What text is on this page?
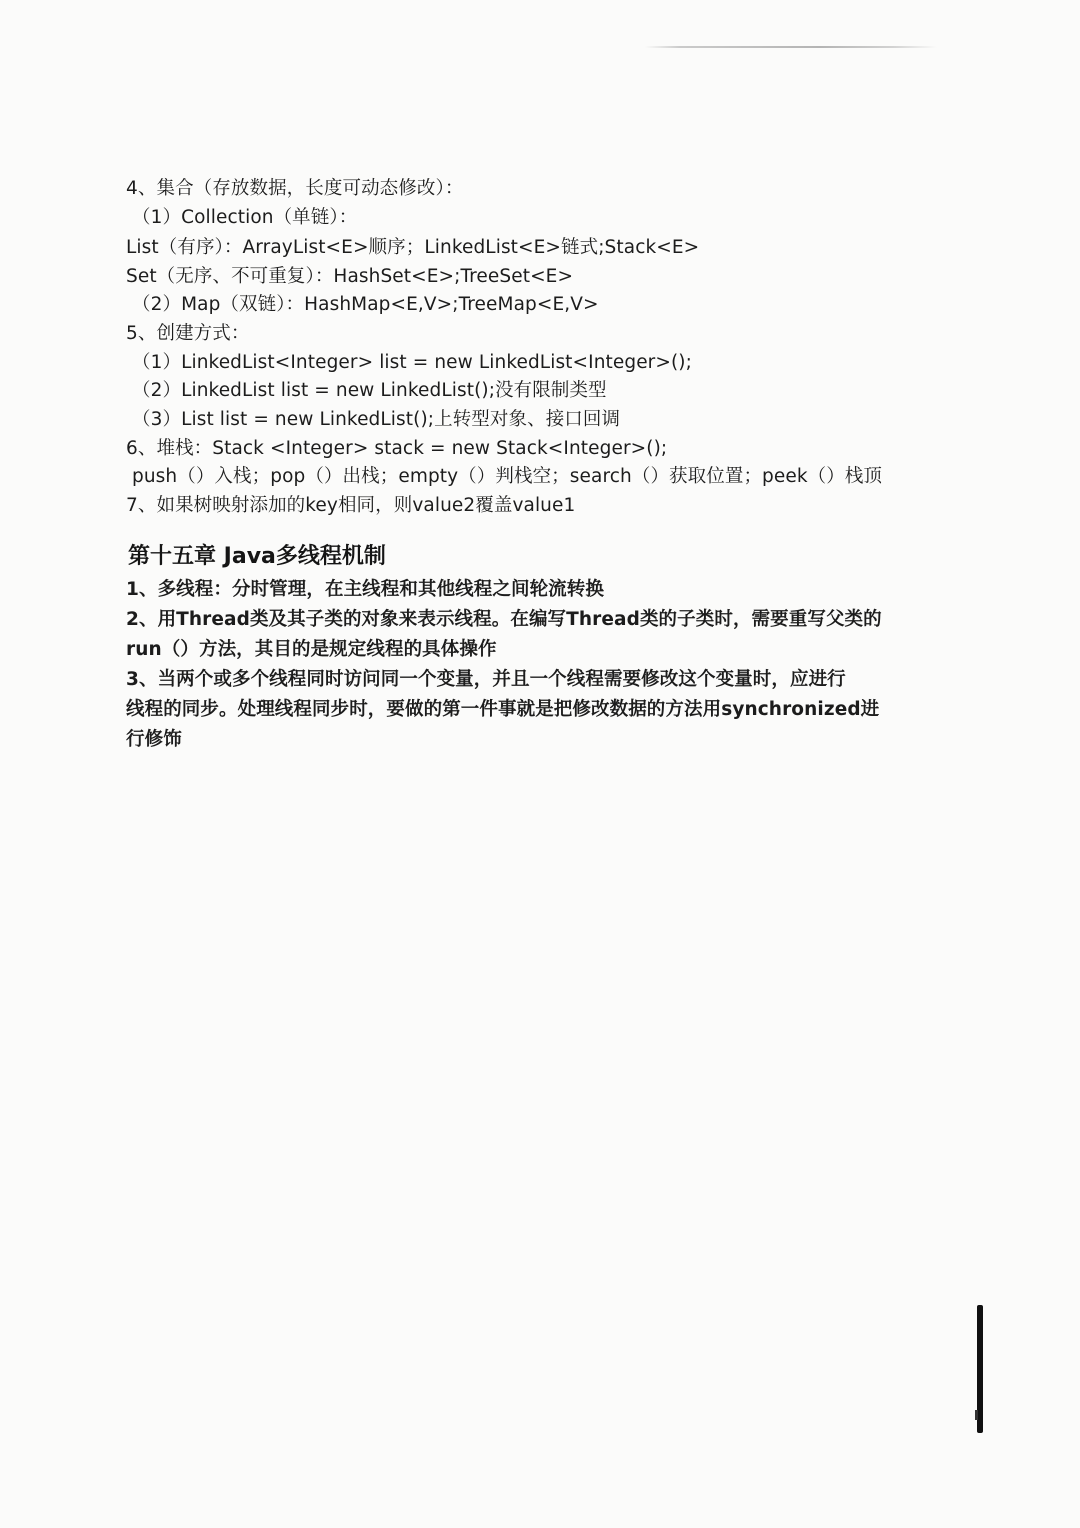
4、集合（存放数据，长度可动态修改）：
（1）Collection（单链）：
List（有序）：ArrayList<E>顺序；LinkedList<E>链式;Stack<E>
Set（无序、不可重复）：HashSet<E>;TreeSet<E>
（2）Map（双链）：HashMap<E,V>;TreeMap<E,V>
5、创建方式：
（1）LinkedList<Integer> list = new LinkedList<Integer>();
（2）LinkedList list = new LinkedList();没有限制类型
（3）List list = new LinkedList();上转型对象、接口回调
6、堆栈：Stack <Integer> stack = new Stack<Integer>();
push（）入栈；pop（）出栈；empty（）判栈空；search（）获取位置；peek（）栈顶
7、如果树映射添加的key相同，则value2覆盖value1
第十五章 Java多线程机制
1、多线程：分时管理，在主线程和其他线程之间轮流转换
2、用Thread类及其子类的对象来表示线程。在编写Thread类的子类时，需要重写父类的
run（）方法，其目的是规定线程的具体操作
3、当两个或多个线程同时访问同一个变量，并且一个线程需要修改这个变量时，应进行
线程的同步。处理线程同步时，要做的第一件事就是把修改数据的方法用synchronized进
行修饰
